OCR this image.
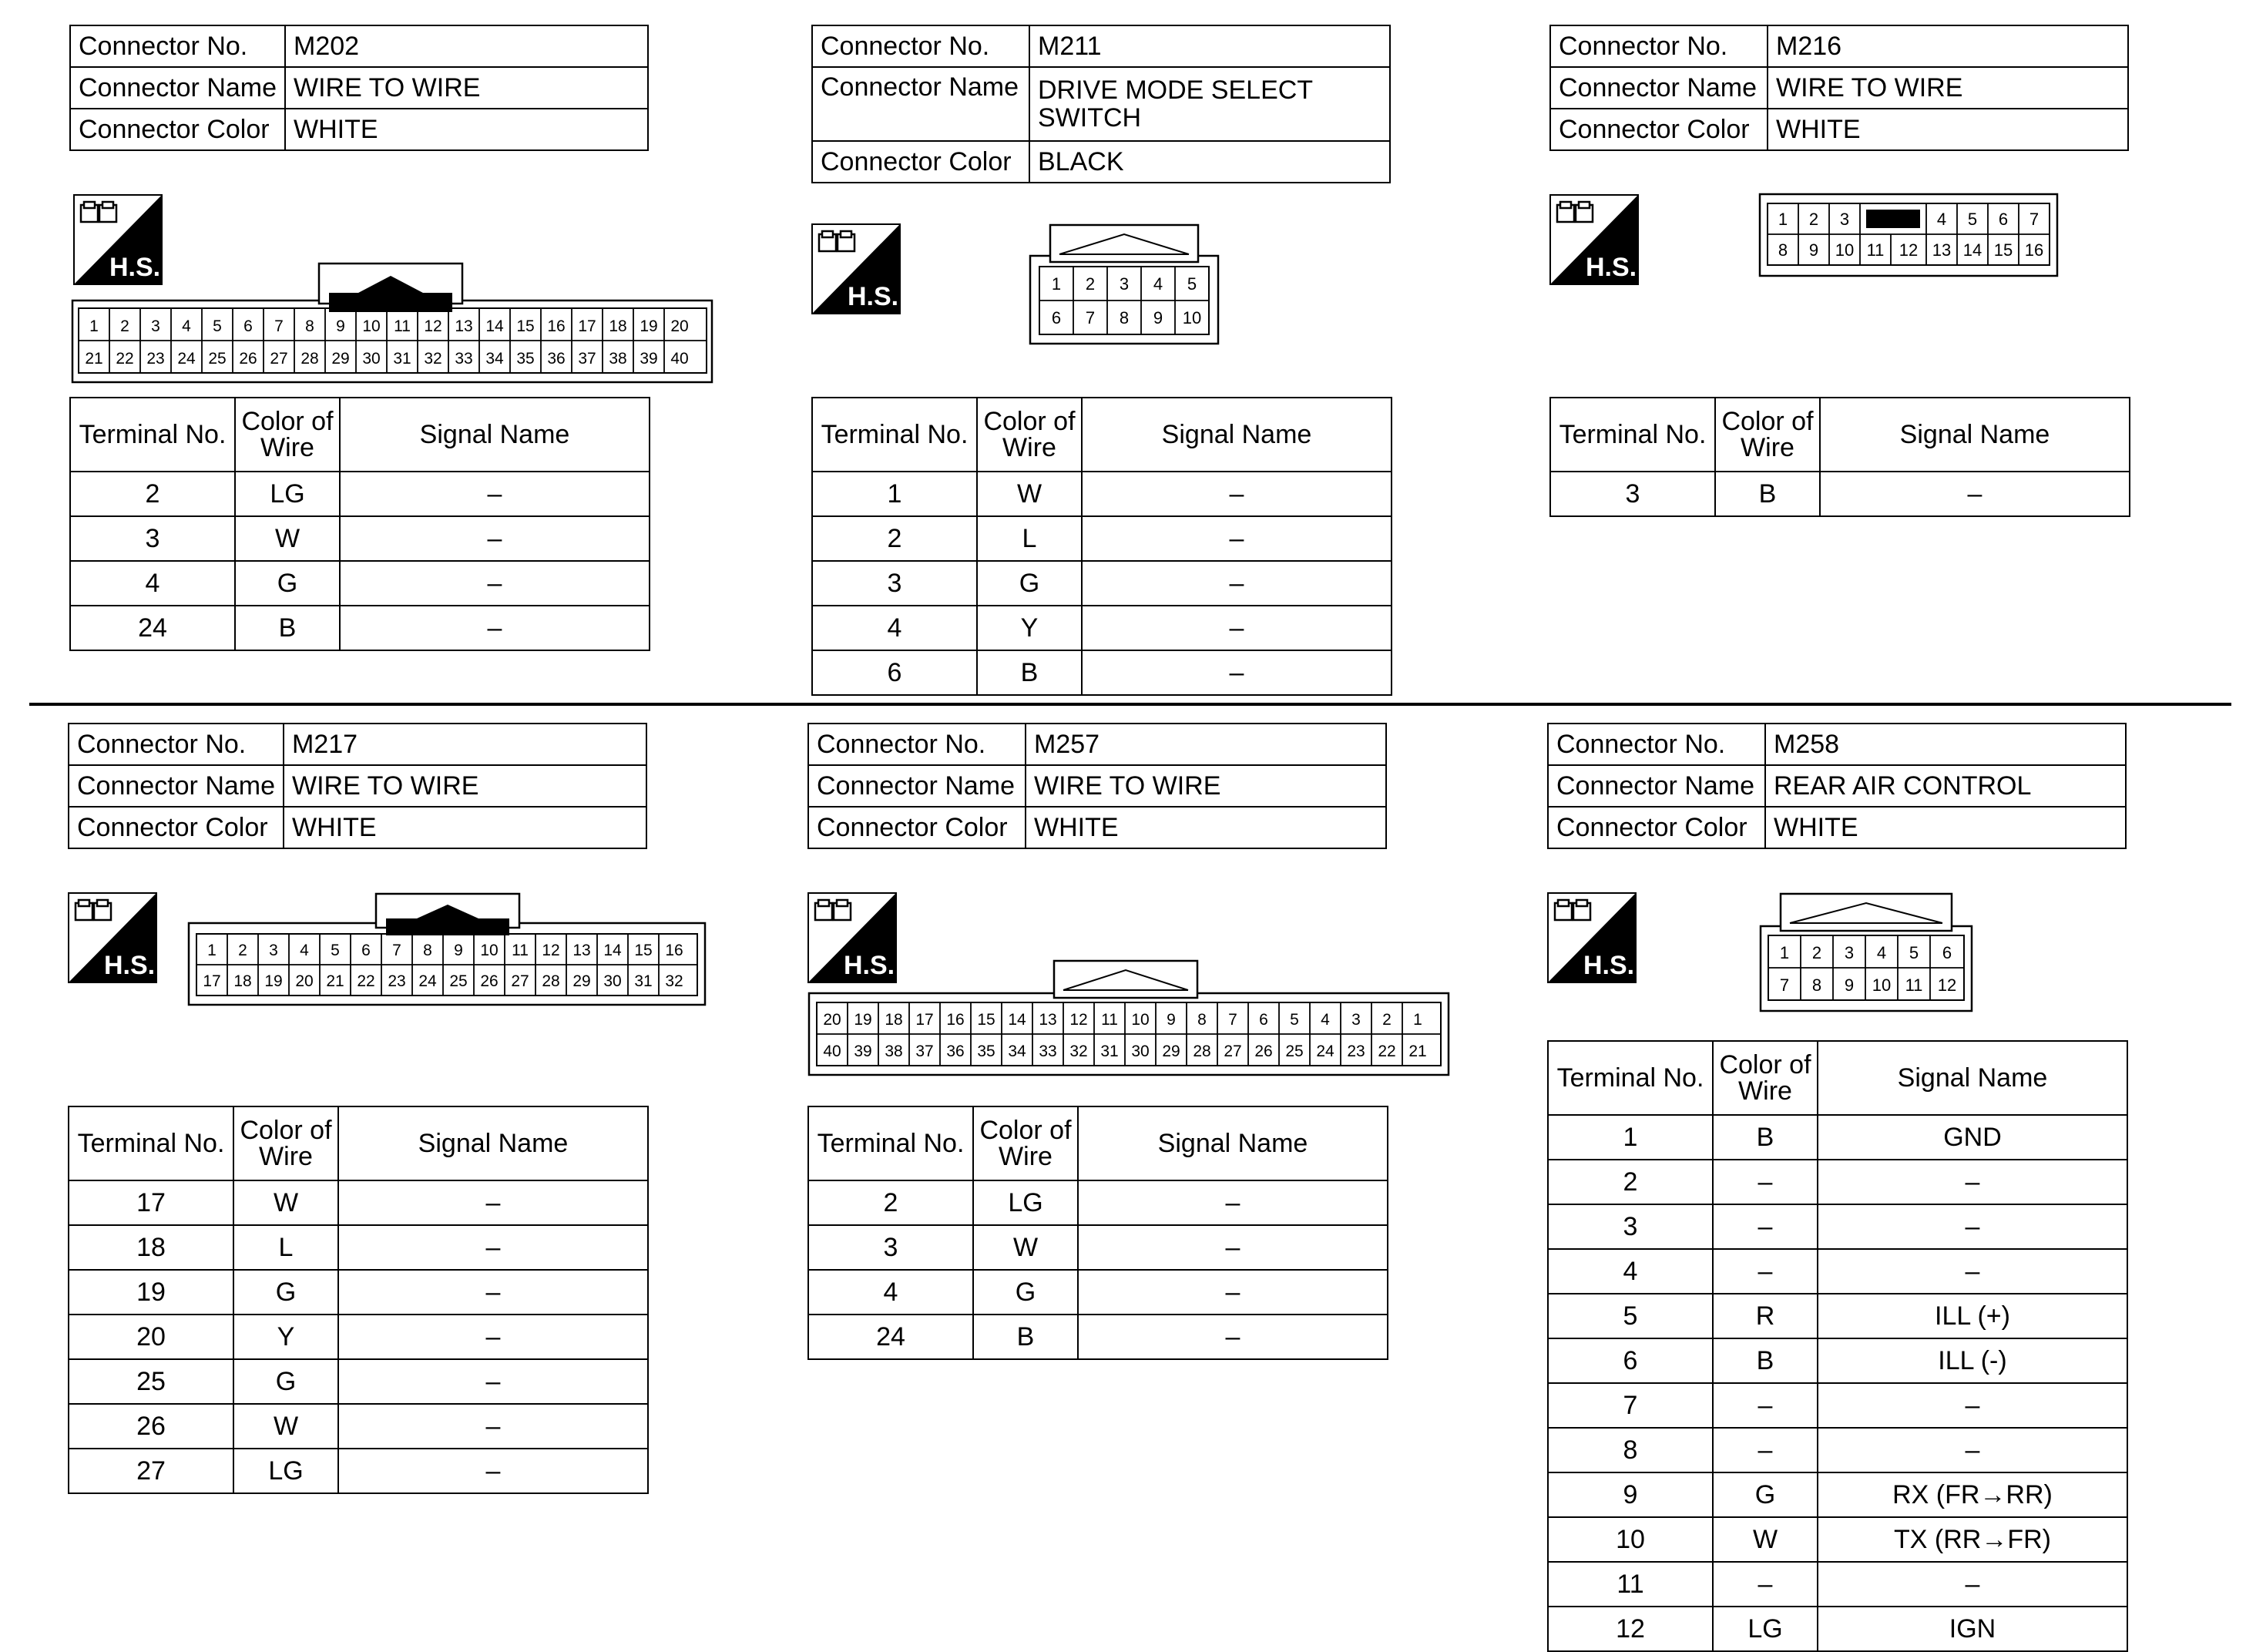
Connector No.	M202
Connector Name	WIRE TO WIRE
Connector Color	WHITE
H.S.
1 2 3 4 5 6 7 8 9 10 11 12 13 14 15 16 17 18 19 20
21 22 23 24 25 26 27 28 29 30 31 32 33 34 35 36 37 38 39 40
Terminal No.	Color of Wire	Signal Name
2	LG	–
3	W	–
4	G	–
24	B	–
Connector No.	M211
Connector Name	DRIVE MODE SELECT SWITCH
Connector Color	BLACK
H.S.	1 2 3 4 5
6 7 8 9 10
Terminal No.	Color of Wire	Signal Name
1	W	–
2	L	–
3	G	–
4	Y	–
6	B	–
Connector No.	M216
Connector Name	WIRE TO WIRE
Connector Color	WHITE
H.S.
1 2 3	4 5 6 7
8 9 10 11 12 13 14 15 16
Terminal No.	Color of Wire	Signal Name
3	B	–
Connector No.	M217
Connector Name	WIRE TO WIRE
Connector Color	WHITE
H.S.
1 2 3 4 5 6 7 8 9 10 11 12 13 14 15 16
17 18 19 20 21 22 23 24 25 26 27 28 29 30 31 32
Terminal No.	Color of Wire	Signal Name
17	W	–
18	L	–
19	G	–
20	Y	–
25	G	–
26	W	–
27	LG	–
Connector No.	M257
Connector Name	WIRE TO WIRE
Connector Color	WHITE
H.S.
20 19 18 17 16 15 14 13 12 11 10 9 8 7 6 5 4 3 2 1
40 39 38 37 36 35 34 33 32 31 30 29 28 27 26 25 24 23 22 21
Terminal No.	Color of Wire	Signal Name
2	LG	–
3	W	–
4	G	–
24	B	–
Connector No.	M258
Connector Name	REAR AIR CONTROL
Connector Color	WHITE
H.S.	1 2 3 4 5 6
7 8 9 10 11 12
Terminal No.	Color of Wire	Signal Name
1	B	GND
2	–	–
3	–	–
4	–	–
5	R	ILL (+)
6	B	ILL (-)
7	–	–
8	–	–
9	G	RX (FR→RR)
10	W	TX (RR→FR)
11	–	–
12	LG	IGN
